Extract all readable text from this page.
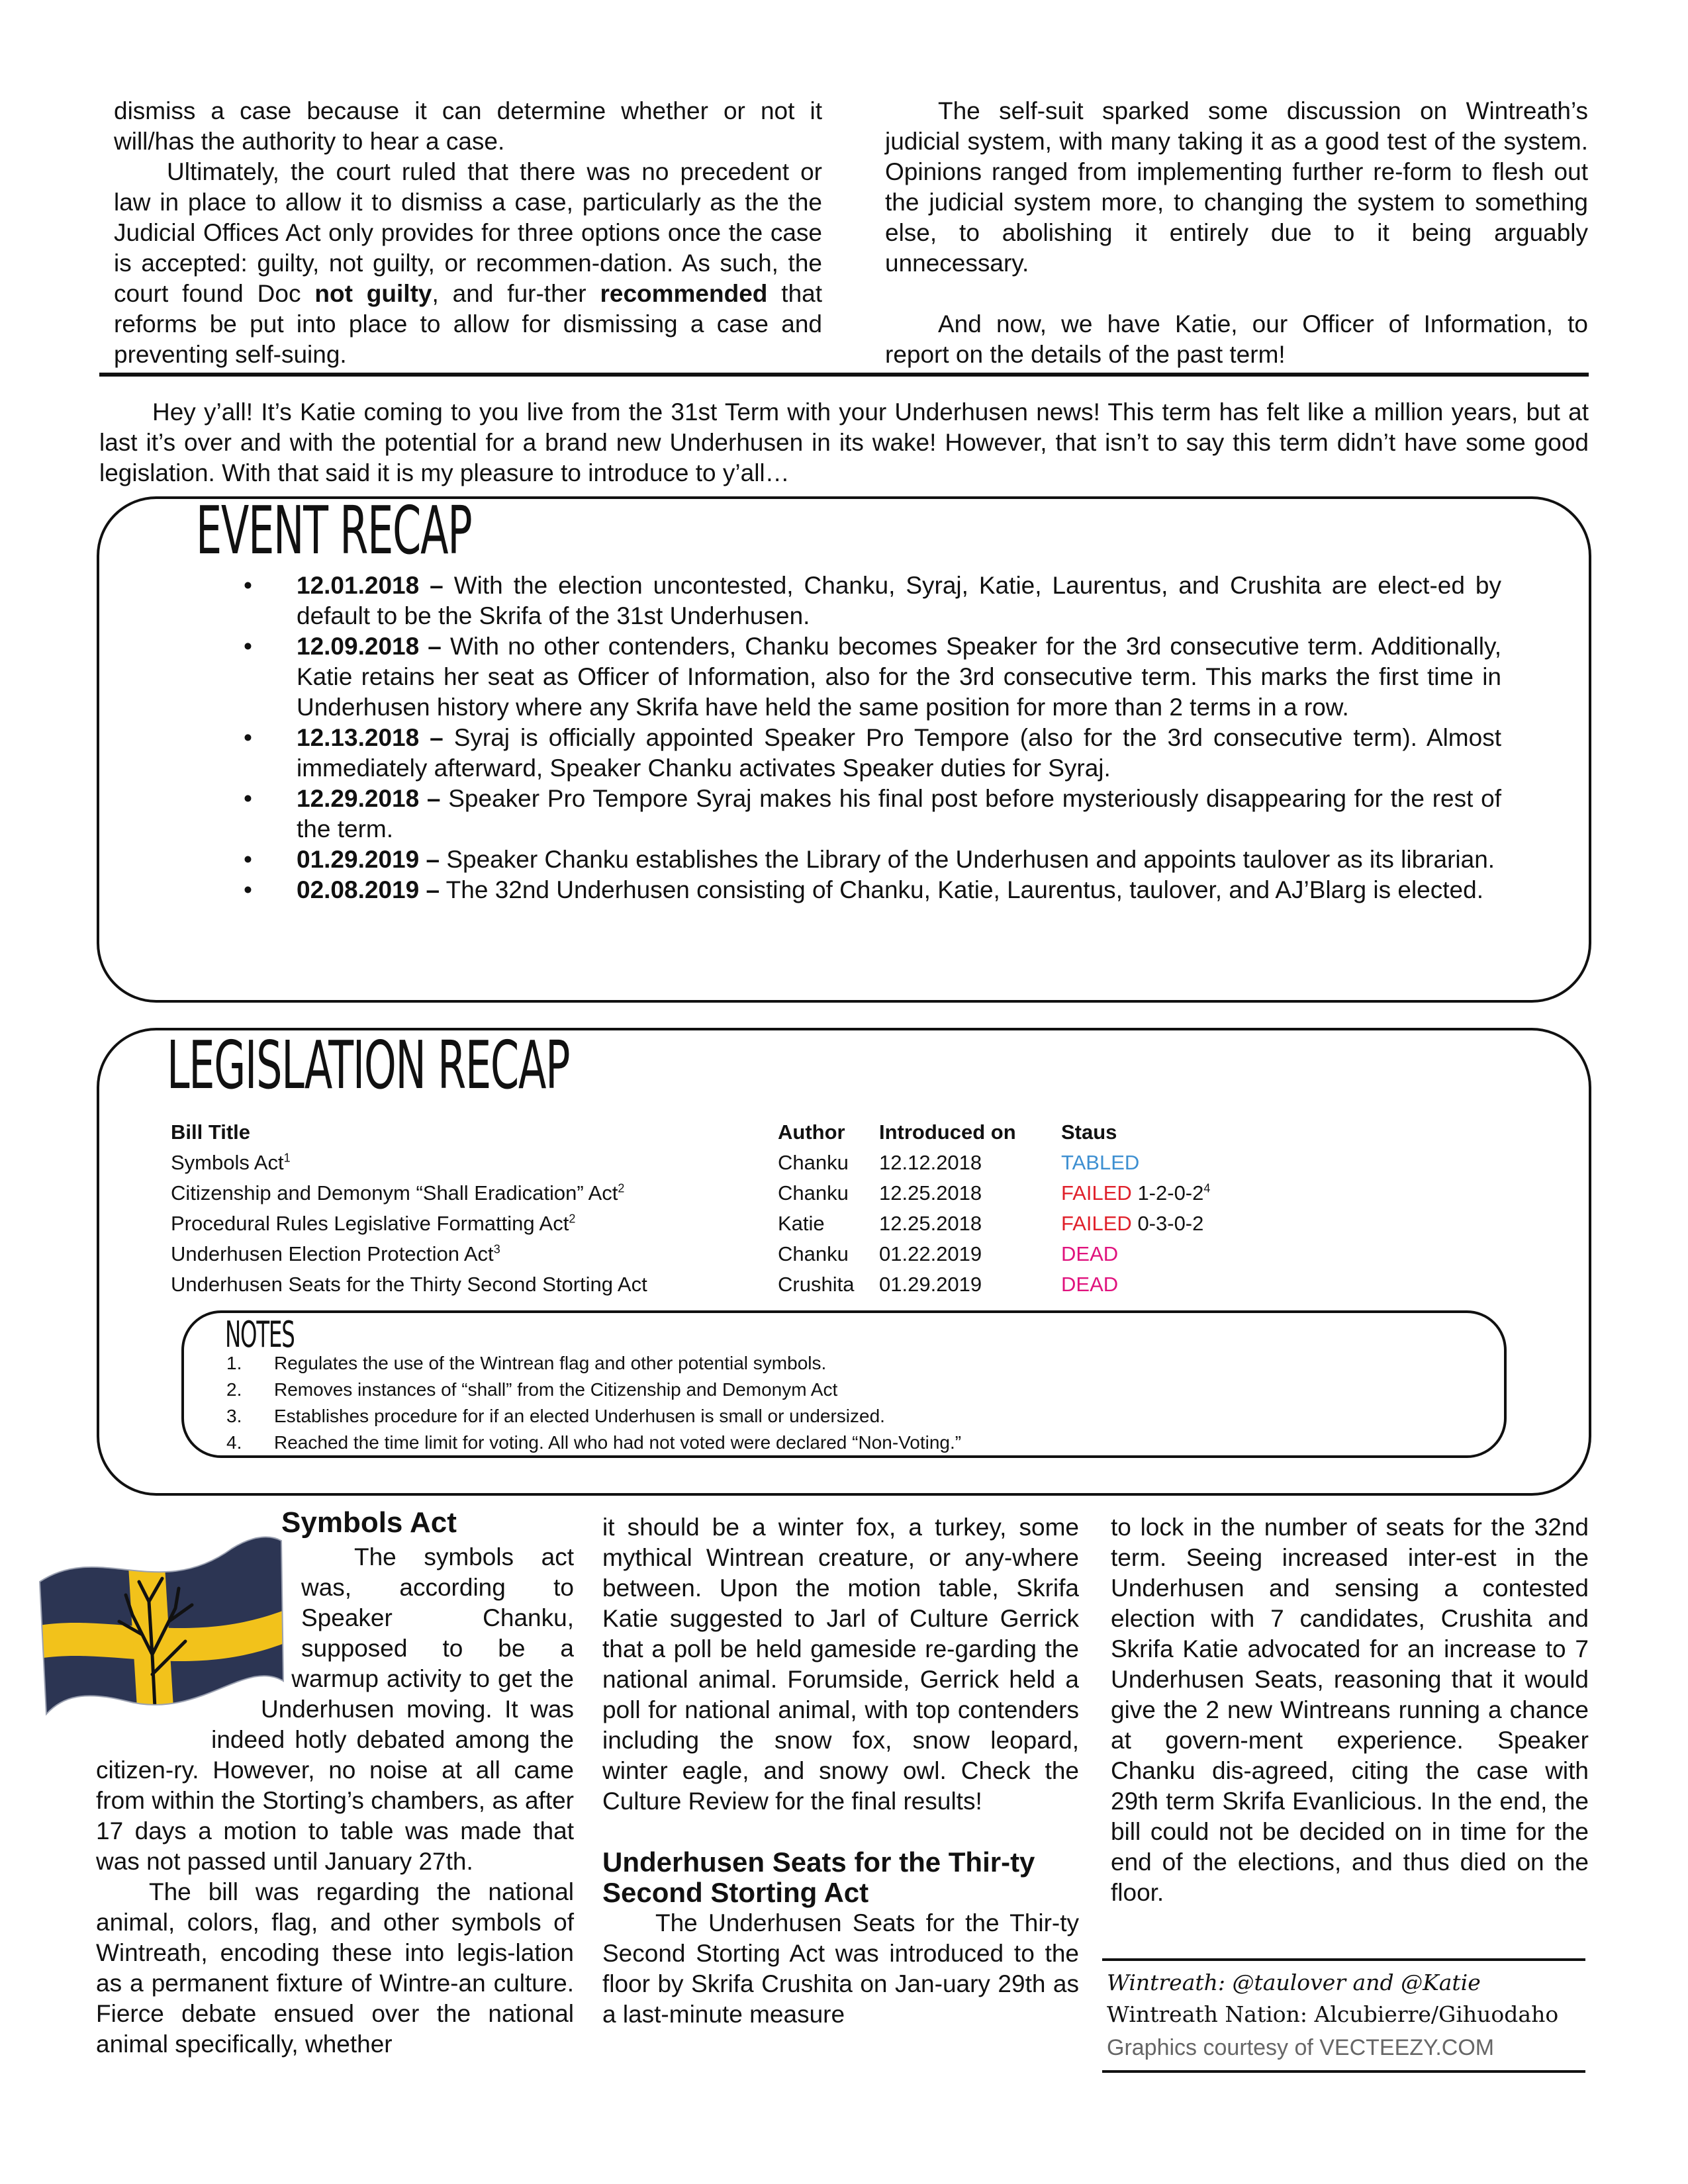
dismiss a case because it can determine whether or not it will/has the authority to hear a case.

Ultimately, the court ruled that there was no precedent or law in place to allow it to dismiss a case, particularly as the the Judicial Offices Act only provides for three options once the case is accepted: guilty, not guilty, or recommen-dation. As such, the court found Doc not guilty, and fur-ther recommended that reforms be put into place to allow for dismissing a case and preventing self-suing.

The self-suit sparked some discussion on Wintreath’s judicial system, with many taking it as a good test of the system. Opinions ranged from implementing further re-form to flesh out the judicial system more, to changing the system to something else, to abolishing it entirely due to it being arguably unnecessary.

And now, we have Katie, our Officer of Information, to report on the details of the past term!

Hey y’all! It’s Katie coming to you live from the 31st Term with your Underhusen news! This term has felt like a million years, but at last it’s over and with the potential for a brand new Underhusen in its wake! However, that isn’t to say this term didn’t have some good legislation. With that said it is my pleasure to introduce to y’all…

EVENT RECAP
• 12.01.2018 – With the election uncontested, Chanku, Syraj, Katie, Laurentus, and Crushita are elect-ed by default to be the Skrifa of the 31st Underhusen.
• 12.09.2018 – With no other contenders, Chanku becomes Speaker for the 3rd consecutive term. Additionally, Katie retains her seat as Officer of Information, also for the 3rd consecutive term. This marks the first time in Underhusen history where any Skrifa have held the same position for more than 2 terms in a row.
• 12.13.2018 – Syraj is officially appointed Speaker Pro Tempore (also for the 3rd consecutive term). Almost immediately afterward, Speaker Chanku activates Speaker duties for Syraj.
• 12.29.2018 – Speaker Pro Tempore Syraj makes his final post before mysteriously disappearing for the rest of the term.
• 01.29.2019 – Speaker Chanku establishes the Library of the Underhusen and appoints taulover as its librarian.
• 02.08.2019 – The 32nd Underhusen consisting of Chanku, Katie, Laurentus, taulover, and AJ’Blarg is elected.
LEGISLATION RECAP
Bill Title	Author	Introduced on	Staus
Symbols Act$^1$	Chanku	12.12.2018	TABLED
Citizenship and Demonym “Shall Eradication” Act$^2$	Chanku	12.25.2018	FAILED 1-2-0-2$^4$
Procedural Rules Legislative Formatting Act$^2$	Katie	12.25.2018	FAILED 0-3-0-2
Underhusen Election Protection Act$^3$	Chanku	01.22.2019	DEAD
Underhusen Seats for the Thirty Second Storting Act	Crushita	01.29.2019	DEAD
NOTES
1.	Regulates the use of the Wintrean flag and other potential symbols.
2.	Removes instances of “shall” from the Citizenship and Demonym Act
3.	Establishes procedure for if an elected Underhusen is small or undersized.
4.	Reached the time limit for voting. All who had not voted were declared “Non-Voting.”
Symbols Act

The symbols act was, according to Speaker Chanku, supposed to be a warmup activity to get the Underhusen moving. It was indeed hotly debated among the citizen-ry. However, no noise at all came from within the Storting’s chambers, as after 17 days a motion to table was made that was not passed until January 27th.

The bill was regarding the national animal, colors, flag, and other symbols of Wintreath, encoding these into legis-lation as a permanent fixture of Wintre-an culture. Fierce debate ensued over the national animal specifically, whether

it should be a winter fox, a turkey, some mythical Wintrean creature, or any-where between. Upon the motion table, Skrifa Katie suggested to Jarl of Culture Gerrick that a poll be held gameside re-garding the national animal. Forumside, Gerrick held a poll for national animal, with top contenders including the snow fox, snow leopard, winter eagle, and snowy owl. Check the Culture Review for the final results!

Underhusen Seats for the Thir-ty Second Storting Act

The Underhusen Seats for the Thir-ty Second Storting Act was introduced to the floor by Skrifa Crushita on Jan-uary 29th as a last-minute measure

to lock in the number of seats for the 32nd term. Seeing increased inter-est in the Underhusen and sensing a contested election with 7 candidates, Crushita and Skrifa Katie advocated for an increase to 7 Underhusen Seats, reasoning that it would give the 2 new Wintreans running a chance at govern-ment experience. Speaker Chanku dis-agreed, citing the case with 29th term Skrifa Evanlicious. In the end, the bill could not be decided on in time for the end of the elections, and thus died on the floor.

Wintreath: @taulover and @Katie
Wintreath Nation: Alcubierre/Gihuodaho
Graphics courtesy of VECTEEZY.COM
